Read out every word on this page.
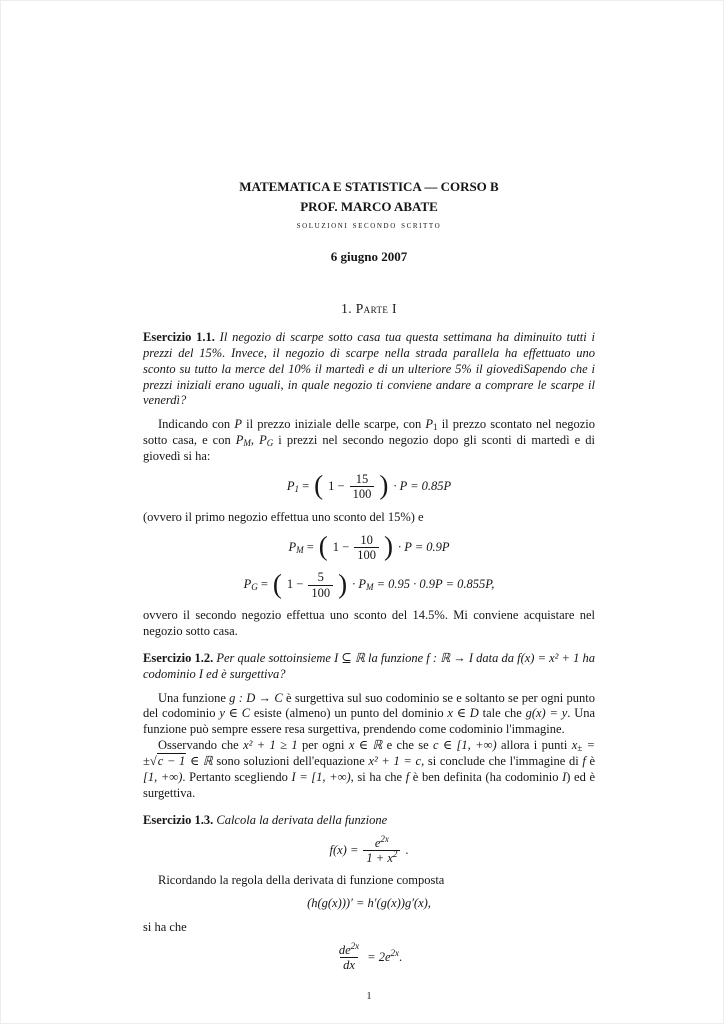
MATEMATICA E STATISTICA — CORSO B
PROF. MARCO ABATE
soluzioni secondo scritto
6 giugno 2007
1. Parte I

Esercizio 1.1. Il negozio di scarpe sotto casa tua questa settimana ha diminuito tutti i prezzi del 15%. Invece, il negozio di scarpe nella strada parallela ha effettuato uno sconto su tutto la merce del 10% il martedì e di un ulteriore 5% il giovedìSapendo che i prezzi iniziali erano uguali, in quale negozio ti conviene andare a comprare le scarpe il venerdì?

Indicando con P il prezzo iniziale delle scarpe, con $P_1$ il prezzo scontato nel negozio sotto casa, e con $P_M$, $P_G$ i prezzi nel secondo negozio dopo gli sconti di martedì e di giovedì si ha:

$P_1$ = ( $1 - \frac{15}{100}$ ) · P = 0.85P

(ovvero il primo negozio effettua uno sconto del 15%) e

$P_M$ = ( $1 - \frac{10}{100}$ ) · P = 0.9P
$P_G$ = ( $1 - \frac{5}{100}$ ) · $P_M = 0.95 \cdot 0.9P = 0.855P$,

ovvero il secondo negozio effettua uno sconto del 14.5%. Mi conviene acquistare nel negozio sotto casa.

Esercizio 1.2. Per quale sottoinsieme I ⊆ ℝ la funzione f : ℝ → I data da f(x) = x² + 1 ha codominio I ed è surgettiva?

Una funzione g : D → C è surgettiva sul suo codominio se e soltanto se per ogni punto del codominio y ∈ C esiste (almeno) un punto del dominio x ∈ D tale che g(x) = y. Una funzione può sempre essere resa surgettiva, prendendo come codominio l'immagine.

Osservando che x² + 1 ≥ 1 per ogni x ∈ ℝ e che se c ∈ [1, +∞) allora i punti $x_\pm = \pm√c - 1$ ∈ ℝ sono soluzioni dell'equazione x² + 1 = c, si conclude che l'immagine di f è [1, +∞). Pertanto scegliendo I = [1, +∞), si ha che f è ben definita (ha codominio I) ed è surgettiva.

Esercizio 1.3. Calcola la derivata della funzione

$f(x) = \frac{e^{2x}}{1 + x^2}$ .

Ricordando la regola della derivata di funzione composta

(h(g(x)))′ = h′(g(x))g′(x),

si ha che

$\frac{de^{2x}}{dx} = 2e^{2x}$.
1
